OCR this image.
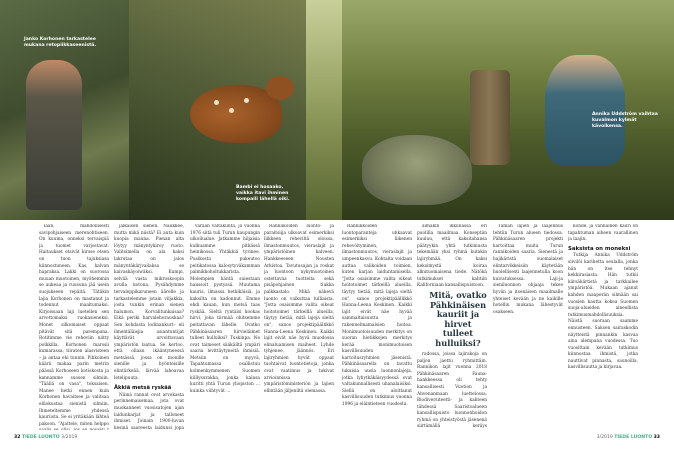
Janko Korhonen tarkastelee mukana retopiikkaseenistä.
Bambi ei hosaako, vaikka itavi ihminen kompaili lähellä oiki.
Annika Uddström vaihtaa kuvalmon kylmät kävoikensa.

laan, mahdollisesti savipohjaiseen merenohtiseen. On kuuma, onneksi tervaispiä ja tuomet varjostavat. Haitaukset etsivät kirsse etsen on tuon tajuksiasa kiinnostuneen. Kas, kalvan hapraksa. Lakki on suorossa muuan muotoinen, myöhemmin se aukeaa ja ruusuna jää usein suojukseen repäitä. Tätäkin lajia Korhonen on mastanut ja todennut maaltumaksi. Kirjoissaan laji luetellen sen arvottomaksi ruokasieneksi. Monet silkomaiset oppaat pitävät sitä parempana. Rotitimme vie reheviin niitty polkkilla. Korhonen marssii kumarassa, tiiraten alasvisteen – ja antaa ehi tunnin. Pihkoinen käärii makaa parin metrin päässä Korhoseen kotiskosta ja kannamme suosen silmiin. "Täällä on vasa", toksaisen. Manee hetki ennen kuin Korhonen havaitsee ja valitsaa elilokustaa sienistä silmiin. Ihmeteltemme yhdessä kauriista. Se ei yritäkään lähteä pakoon. "Ajattele, miten helppo

jalkaisen sienen. Naiikkee, mutta mikä niistä? Ei auta kuin kuopia mauna. Pienan alta löytyy mänyntykiroy ruoto. Valitsimella on ala kaksi lakrutaa on jalos mänyntäkärjvailaksa se kaivaskäyoiwäksi. Kumpi, selvää vasta mikroskoopin avulla kotona. Pysähdymme tervaleppikaruneen äärelle ja tarkastelemme jotain viljakkia, josta tunkin erinan sienen halumon. Korvalitunkaisaa? Eikä periki harvalehorauskaa? Sen kohdasta lodinankurt– eli ilmentäläisjia asiantuntijat käyttävät arvoittavaan ympäristön laatua. Se kertoo, että ollaan ikääntyneessä metsässä, jossa on monille sienille ja hyönteisille elintärkeää, lärvää lahoavaa letelipuuta.

Äkkiä metsä ryskää

Nämä rannat ovat arvokasta perinnemaisemaa, jota ovat muokanneet vuosisatojen ajan laidunkarjat ja talloneet ihmiset. Joinain 1900-luvun kesinä saareesta laidunsi jopa

varaan valtakunta, ja vuonna 1976 siitä tuli Turun kaupungin ulkoilualue. Jatkamme hiljaisia kulkuamme pitkässä heinikossa. Yhtäkkiä tyrinee. Pusikosta pukeutoo peitikatossa kalosytyväkamman palmikkoholtukkarista. Molempien häntä suiestaan hanssoit pystyssä. Muutama kauris, ilmassa hetkikäisiä, ja kaksilta on kadonnut. Emme ehdi kauan, kun metsä taas ryskää. Sieltä ryntäisi kookas hirvi, joka tiirmää ohitsemme peitattavan lähelle. Ovatko Pähkinäsaaren hirvieläimet tulleet hulluiksi? Tuskinpa. Ne ovat taimeset sääkäiltä ympäri saaria levittäytyneitä ihmisiä. Metsiin on myyvä, Tapahtumassa osallistuu kolmenkymmenen Suomen kiillysurakka, jonka kalasa kuritti yhtä Turun yliopiston ... kuinka viihtyvät ...

Ranniikoiden luonto- ja paraitsiija ulkoavat esimerkiksi liikkeen reheviltä oloissa, ilmastonmuutos, vieraslajit ja ympäristöinen kalveen. Hankkeeseen Nousten Arkistoa. Tavutusajan ja roskat ja luontoon nykymuotoinen ostettavaa tuotteita sekä pisäpohjainen tiukka palkkastalo. Mikä näkevä luonto on vaikuttaa tulliaista. "Jotta osaisimme valita oikeat hoitotoimet tärkeillä alueilla, täytyy tietää, mitä lajeja sieltä on", sanoo projektipäällikkö Hanna-Leena Keskinen. Kaikki lajit eivät näe hyvä muodossa elinaluamisen maiheet. Lyhde tyhjenee, jäännös. Eri lajiryhmien hyvät oppaat tuohtaivat luontotietoja, jonka ovat vaatimus ja tukivat arvioinnissa ympäristöministeriön ja lajien ellintään jäljeniltä olemassa.

Rannikkoiden luontoparanteja uhkaavat esimerkiksi liikenen rehevöityminen, ilmastonmuutos, vieraslajit ja umpeenkasvu. Kohtaita voidaan auttaa valikoiden toimien, kuten karjan laiduntamisella. "Jotta osaisimme valita oikeat hoitotoimet tärkeillä alueilla, täytyy tietää, mitä lajeja sieltä on", sanoo projektipäällikkö Hanna-Leena Keskinen. Kaikki lajit eivät näe hyvää sammaltaisuutta ja rakennelmamalsien hoitoa. Monimuotoisuuden merkitys on suoran hietikkojen merkitys kerää monimuotoisen kasvillisuuden kartoitusryhmien jäsenistä. Pähkinäsaarella on tavattu lukuisia uusia luonnonlajeja, jotka lyhytkäkäisyydessä ovat valtakunnallisesti uhanalaisiksi. Siellä on aloittanut kasvillisuuden tutkimus vuonna 1996 ja eläintieteen vuodesta.

aimakin ikkunassa eri puolilla maailmaa. Konseptiin kuuluu, että kaksitahansa päätyykin yhtä tutkimusta tekemään yksi ryhmä kutakin lajiryhmää. On kaksi keksimystä koiraa alkutuomaisena tiede. Nätökä tutkimukset kahtiin Kaliforniaan kansallispuistoon.

radossa, joissa lajirakoja on paljon jaettu ryhmittäin. Rannikon lajit vuonna 2018 Pähkinäsaaren Fauna-hankkeessa oli tehty kansallisesti Vuotion ja Ahvenanmaan luettelossa. Biodiversiteetti- ja kahteen tähdessä Saaristoalueen kansallispuisto luonnonhoidon ryhmä on yhteistyöstä jäsenenä siirtämällä keräys

Mitä, ovatko Pähkinäisen kauriit ja hirvet tulleet hulluiksi?

Tämän lajien ja laajennus tehtiin Turun alueen tiedossa. Pähkinäsaaren projekti kartoittaa muita Turun rannikoiden saaria. Sienestä ja hajikäristä suomalaiset elintarvikkeisiin käytetään huolellisesti laajennetulla koon kuivatuksessa. Laji-ja sieniluonnon ohjaaja tekee hyvän ja itsenäisen maailmalle yhteiset kevään ja ne kaikille hotellin mukana lähestyvät osakseen.

kohde, ja vanhainen kauri on tapahtuman aiheen vaarallinen ja laajin.

Saksista on moneksi

Tutkija Annika Uddström siivilöi karihetta seulalla, jonka hän on itse tehnyt kekkirasiasta. Hän tutkii kärsäkärtistä ja tarkkailee ympäristöä. Mukaan ajanut kahden maaperän silmään sai vuosien kautta kokea Suomen suoja-alueiden aineellista tutkimusmahdollisuuksia. Näistä suoraan saamme ennusteen. Saksen sairaskodin näytteistä pinnankin kasvaa aina alempana vuodessa. Tuo vuosittain kevään tutkimus kiinnostaa ihmistä, jotka nauttivat pinnasta, saunoilla, kasvillisuutta ja kirjavaa.

32 TIEDE LUONTO 3/2019	3/2019 TIEDE LUONTO 33
